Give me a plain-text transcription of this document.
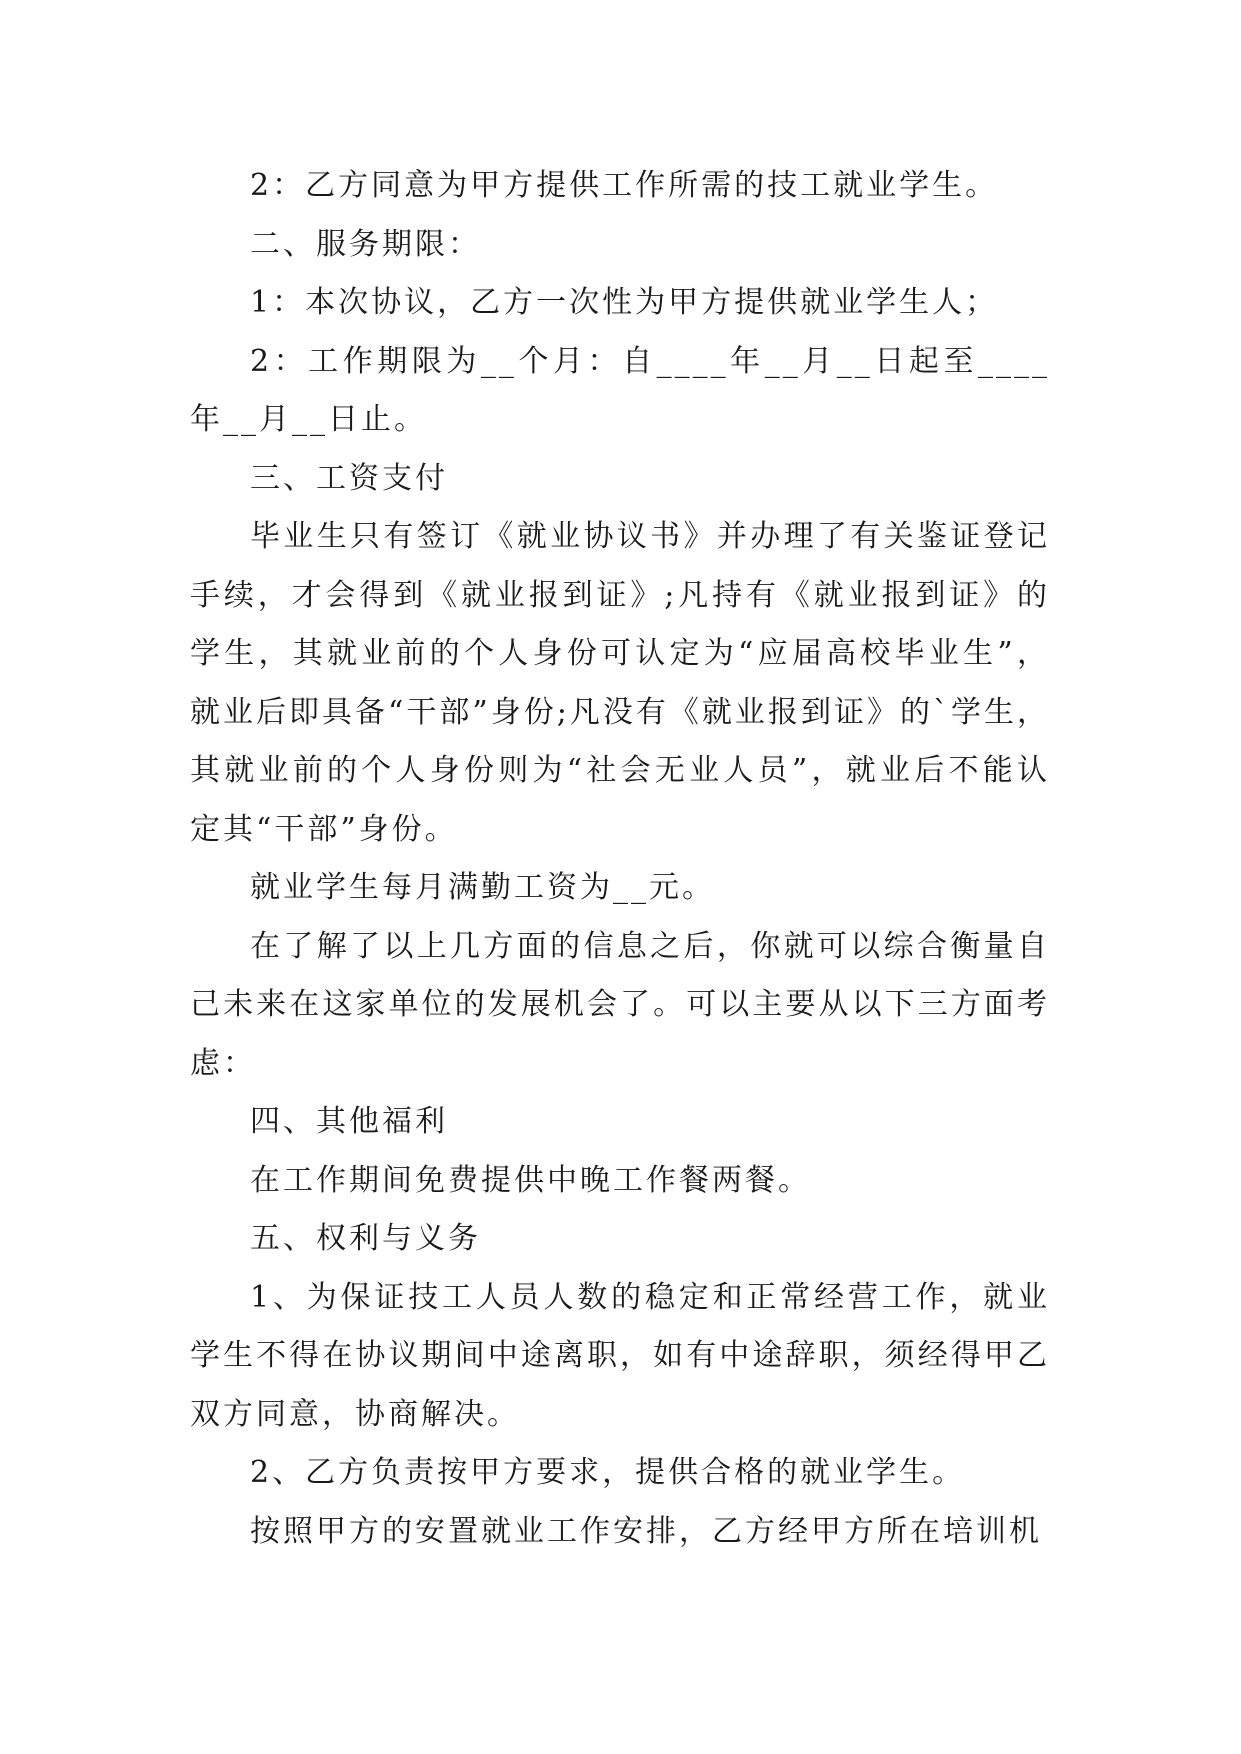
2：乙方同意为甲方提供工作所需的技工就业学生。

二、服务期限：

1：本次协议，乙方一次性为甲方提供就业学生人；

2：工作期限为__个月：自____年__月__日起至____年__月__日止。

三、工资支付

毕业生只有签订《就业协议书》并办理了有关鉴证登记手续，才会得到《就业报到证》;凡持有《就业报到证》的学生，其就业前的个人身份可认定为“应届高校毕业生”，就业后即具备“干部”身份;凡没有《就业报到证》的`学生，其就业前的个人身份则为“社会无业人员”，就业后不能认定其“干部”身份。

就业学生每月满勤工资为__元。

在了解了以上几方面的信息之后，你就可以综合衡量自己未来在这家单位的发展机会了。可以主要从以下三方面考虑：

四、其他福利

在工作期间免费提供中晚工作餐两餐。

五、权利与义务

1、为保证技工人员人数的稳定和正常经营工作，就业学生不得在协议期间中途离职，如有中途辞职，须经得甲乙双方同意，协商解决。

2、乙方负责按甲方要求，提供合格的就业学生。

按照甲方的安置就业工作安排，乙方经甲方所在培训机
